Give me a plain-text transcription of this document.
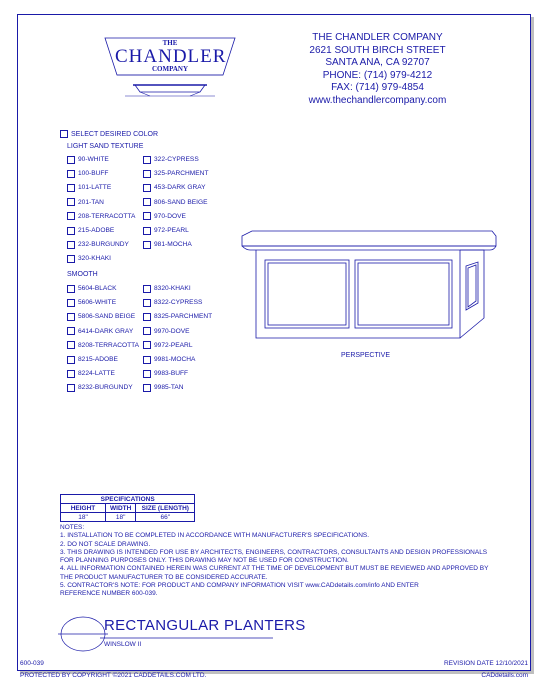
THE
CHANDLER
COMPANY
THE CHANDLER COMPANY
2621 SOUTH BIRCH STREET
SANTA ANA, CA 92707
PHONE: (714) 979-4212
FAX: (714) 979-4854
www.thechandlercompany.com
SELECT DESIRED COLOR
LIGHT SAND TEXTURE
SMOOTH
90-WHITE
100-BUFF
101-LATTE
201-TAN
208-TERRACOTTA
215-ADOBE
232-BURGUNDY
320-KHAKI
322-CYPRESS
325-PARCHMENT
453-DARK GRAY
806-SAND BEIGE
970-DOVE
972-PEARL
981-MOCHA
5604-BLACK
5606-WHITE
5806-SAND BEIGE
6414-DARK GRAY
8208-TERRACOTTA
8215-ADOBE
8224-LATTE
8232-BURGUNDY
8320-KHAKI
8322-CYPRESS
8325-PARCHMENT
9970-DOVE
9972-PEARL
9981-MOCHA
9983-BUFF
9985-TAN
PERSPECTIVE
SPECIFICATIONS		
HEIGHT	WIDTH	SIZE (LENGTH)
18"	18"	66"
NOTES:
1. INSTALLATION TO BE COMPLETED IN ACCORDANCE WITH MANUFACTURER'S SPECIFICATIONS.
2. DO NOT SCALE DRAWING.
3. THIS DRAWING IS INTENDED FOR USE BY ARCHITECTS, ENGINEERS, CONTRACTORS, CONSULTANTS AND DESIGN PROFESSIONALS
FOR PLANNING PURPOSES ONLY. THIS DRAWING MAY NOT BE USED FOR CONSTRUCTION.
4. ALL INFORMATION CONTAINED HEREIN WAS CURRENT AT THE TIME OF DEVELOPMENT BUT MUST BE REVIEWED AND APPROVED BY
THE PRODUCT MANUFACTURER TO BE CONSIDERED ACCURATE.
5. CONTRACTOR'S NOTE: FOR PRODUCT AND COMPANY INFORMATION VISIT www.CADdetails.com/info AND ENTER
REFERENCE NUMBER 600-039.
RECTANGULAR PLANTERS
WINSLOW II
600-039	REVISION DATE 12/10/2021
PROTECTED BY COPYRIGHT ©2021 CADDETAILS.COM LTD.	CADdetails.com
